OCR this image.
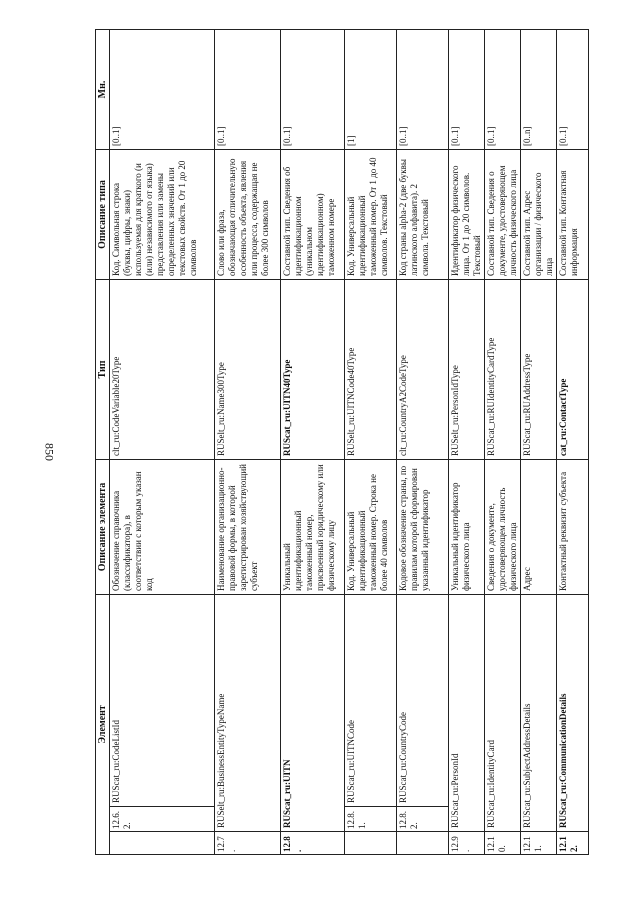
850
Элемент			Описание элемента	Тип	Описание типа	Мн.
	12.6.2.	RUScat_ru:CodeListId	Обозначение справочника (классификатора), в соответствии с которым указан код	clt_ru:CodeVariable20Type	Код. Символьная строка (буквы, цифры, знаки) используемая для краткого (и (или) независимого от языка) представления или замены определенных значений или текстовых свойств. От 1 до 20 символов	[0..1]
12.7.	RUSelt_ru:BusinessEntityTypeName		Наименование организационно-правовой формы, в которой зарегистрирован хозяйствующий субъект	RUSelt_ru:Name300Type	Слово или фраза, обозначающая отличительную особенность объекта, явления или процесса, содержащая не более 300 символов	[0..1]
12.8.	RUScat_ru:UITN		Уникальный идентификационный таможенный номер, присвоенный юридическому или физическому лицу	RUScat_ru:UITN40Type	Составной тип. Сведения об идентификационном (уникальном идентификационном) таможенном номере	[0..1]
	12.8.1.	RUScat_ru:UITNCode	Код. Универсальный идентификационный таможенный номер. Строка не более 40 символов	RUSelt_ru:UITNCode40Type	Код. Универсальный идентификационный таможенный номер. От 1 до 40 символов. Текстовый	[1]
	12.8.2.	RUScat_ru:CountryCode	Кодовое обозначение страны, по правилам которой сформирован указанный идентификатор	clt_ru:CountryA2CodeType	Код страны alpha-2 (две буквы латинского алфавита). 2 символа. Текстовый	[0..1]
12.9.	RUScat_ru:PersonId		Уникальный идентификатор физического лица	RUSelt_ru:PersonIdType	Идентификатор физического лица. От 1 до 20 символов. Текстовый	[0..1]
12.10.	RUScat_ru:IdentityCard		Сведения о документе, удостоверяющем личность физического лица	RUScat_ru:RUIdentityCardType	Составной тип. Сведения о документе, удостоверяющем личность физического лица	[0..1]
12.11.	RUScat_ru:SubjectAddressDetails		Адрес	RUScat_ru:RUAddressType	Составной тип. Адрес организации / физического лица	[0..n]
12.12.	RUScat_ru:CommunicationDetails		Контактный реквизит субъекта	cat_ru:ContactType	Составной тип. Контактная информация	[0..1]
